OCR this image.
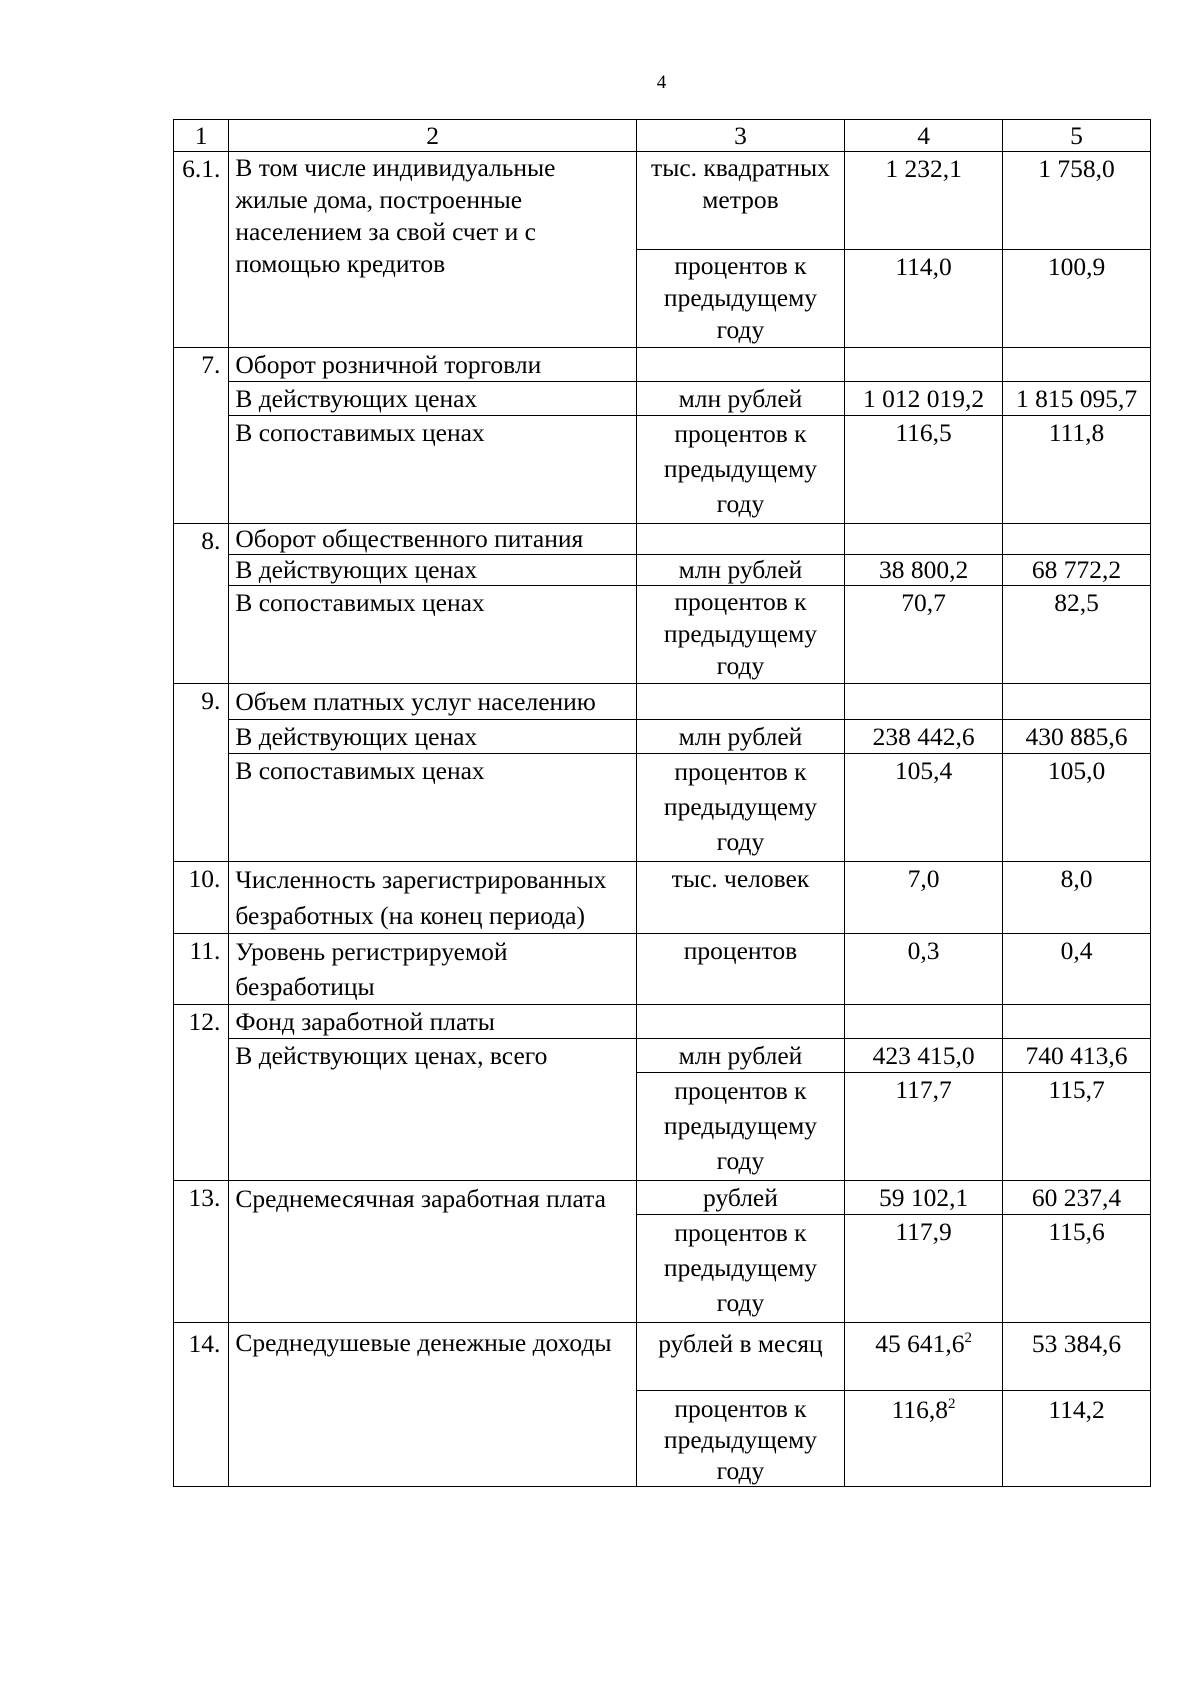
4
1	2	3	4	5
6.1.	В том числе индивидуальные жилые дома, построенные населением за свой счет и с помощью кредитов	тыс. квадратных метров	1 232,1	1 758,0
		процентов к предыдущему году	114,0	100,9
7.	Оборот розничной торговли			
	В действующих ценах	млн рублей	1 012 019,2	1 815 095,7
	В сопоставимых ценах	процентов к предыдущему году	116,5	111,8
8.	Оборот общественного питания			
	В действующих ценах	млн рублей	38 800,2	68 772,2
	В сопоставимых ценах	процентов к предыдущему году	70,7	82,5
9.	Объем платных услуг населению			
	В действующих ценах	млн рублей	238 442,6	430 885,6
	В сопоставимых ценах	процентов к предыдущему году	105,4	105,0
10.	Численность зарегистрированных безработных (на конец периода)	тыс. человек	7,0	8,0
11.	Уровень регистрируемой безработицы	процентов	0,3	0,4
12.	Фонд заработной платы			
	В действующих ценах, всего	млн рублей	423 415,0	740 413,6
		процентов к предыдущему году	117,7	115,7
13.	Среднемесячная заработная плата	рублей	59 102,1	60 237,4
		процентов к предыдущему году	117,9	115,6
14.	Среднедушевые денежные доходы	рублей в месяц	45 641,6$^2$	53 384,6
		процентов к предыдущему году	116,8$^2$	114,2
